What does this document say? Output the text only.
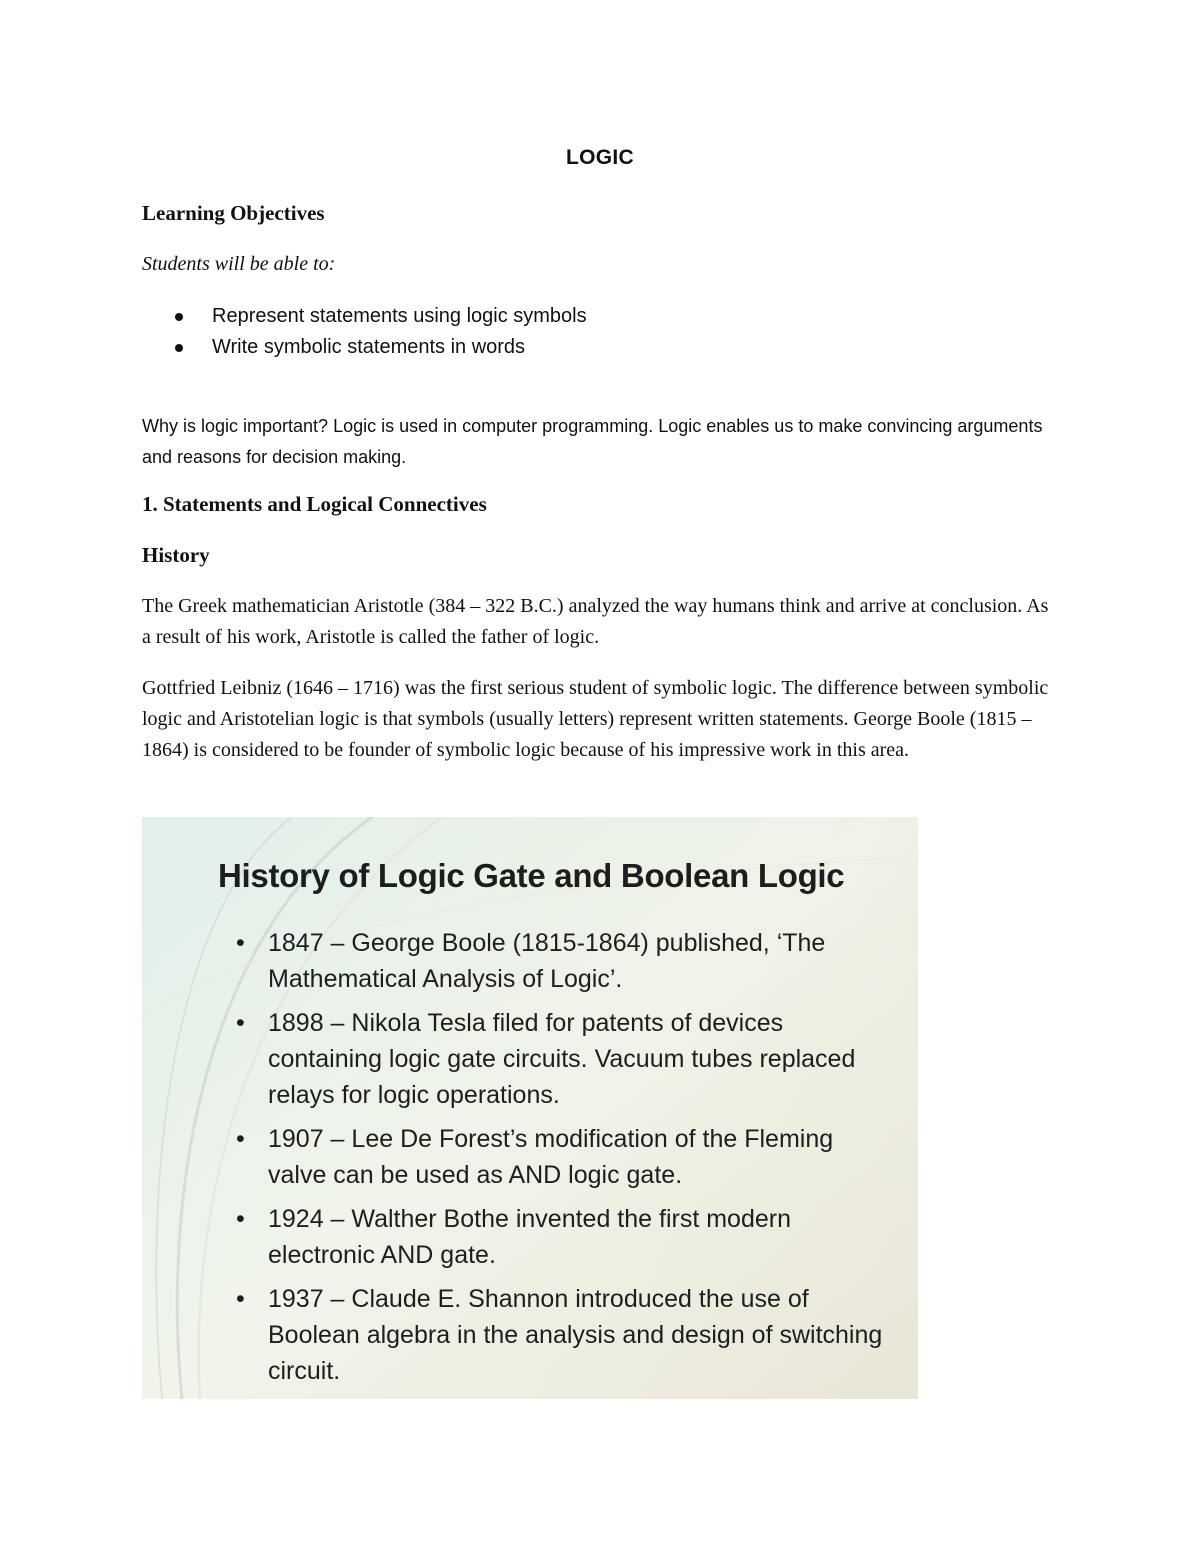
LOGIC
Learning Objectives
Students will be able to:
Represent statements using logic symbols
Write symbolic statements in words
Why is logic important? Logic is used in computer programming. Logic enables us to make convincing arguments and reasons for decision making.
1. Statements and Logical Connectives
History
The Greek mathematician Aristotle (384 – 322 B.C.) analyzed the way humans think and arrive at conclusion. As a result of his work, Aristotle is called the father of logic.
Gottfried Leibniz (1646 – 1716) was the first serious student of symbolic logic. The difference between symbolic logic and Aristotelian logic is that symbols (usually letters) represent written statements. George Boole (1815 – 1864) is considered to be founder of symbolic logic because of his impressive work in this area.
History of Logic Gate and Boolean Logic
• 1847 – George Boole (1815-1864) published, ‘The Mathematical Analysis of Logic’.
• 1898 – Nikola Tesla filed for patents of devices containing logic gate circuits. Vacuum tubes replaced relays for logic operations.
• 1907 – Lee De Forest’s modification of the Fleming valve can be used as AND logic gate.
• 1924 – Walther Bothe invented the first modern electronic AND gate.
• 1937 – Claude E. Shannon introduced the use of Boolean algebra in the analysis and design of switching circuit.
